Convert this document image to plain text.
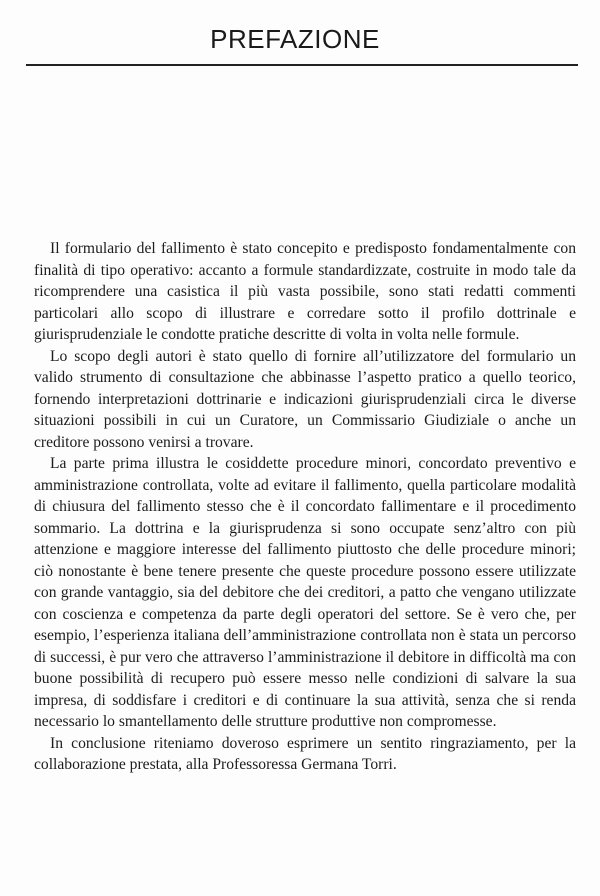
PREFAZIONE

Il formulario del fallimento è stato concepito e predisposto fondamentalmente con finalità di tipo operativo: accanto a formule standardizzate, costruite in modo tale da ricomprendere una casistica il più vasta possibile, sono stati redatti commenti particolari allo scopo di illustrare e corredare sotto il profilo dottrinale e giurisprudenziale le condotte pratiche descritte di volta in volta nelle formule.

Lo scopo degli autori è stato quello di fornire all’utilizzatore del formulario un valido strumento di consultazione che abbinasse l’aspetto pratico a quello teorico, fornendo interpretazioni dottrinarie e indicazioni giurisprudenziali circa le diverse situazioni possibili in cui un Curatore, un Commissario Giudiziale o anche un creditore possono venirsi a trovare.

La parte prima illustra le cosiddette procedure minori, concordato preventivo e amministrazione controllata, volte ad evitare il fallimento, quella particolare modalità di chiusura del fallimento stesso che è il concordato fallimentare e il procedimento sommario. La dottrina e la giurisprudenza si sono occupate senz’altro con più attenzione e maggiore interesse del fallimento piuttosto che delle procedure minori; ciò nonostante è bene tenere presente che queste procedure possono essere utilizzate con grande vantaggio, sia del debitore che dei creditori, a patto che vengano utilizzate con coscienza e competenza da parte degli operatori del settore. Se è vero che, per esempio, l’esperienza italiana dell’amministrazione controllata non è stata un percorso di successi, è pur vero che attraverso l’amministrazione il debitore in difficoltà ma con buone possibilità di recupero può essere messo nelle condizioni di salvare la sua impresa, di soddisfare i creditori e di continuare la sua attività, senza che si renda necessario lo smantellamento delle strutture produttive non compromesse.

In conclusione riteniamo doveroso esprimere un sentito ringraziamento, per la collaborazione prestata, alla Professoressa Germana Torri.
